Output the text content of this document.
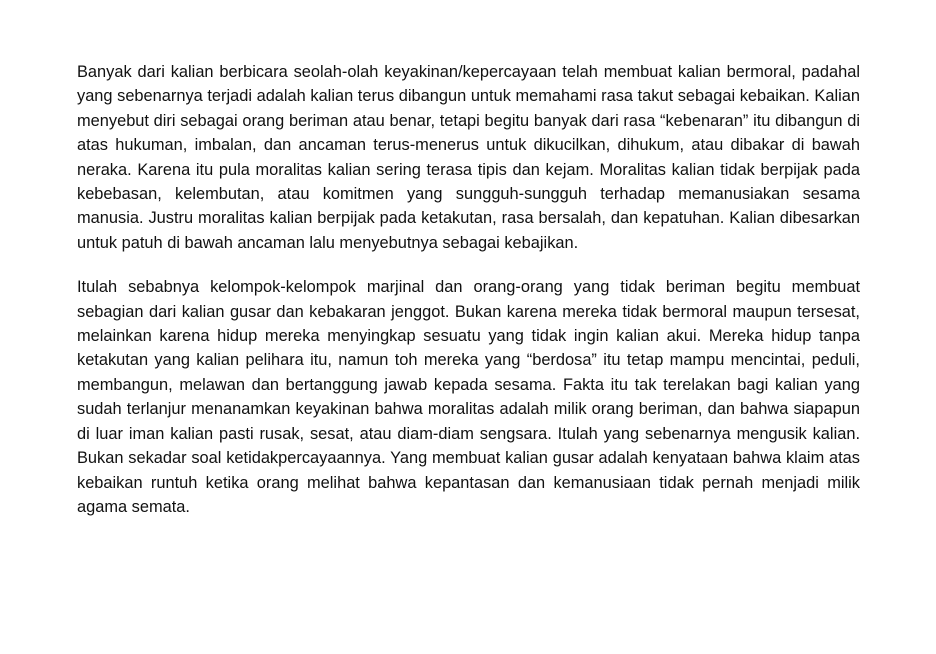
Banyak dari kalian berbicara seolah-olah keyakinan/kepercayaan telah membuat kalian bermoral, padahal yang sebenarnya terjadi adalah kalian terus dibangun untuk memahami rasa takut sebagai kebaikan. Kalian menyebut diri sebagai orang beriman atau benar, tetapi begitu banyak dari rasa “kebenaran” itu dibangun di atas hukuman, imbalan, dan ancaman terus-menerus untuk dikucilkan, dihukum, atau dibakar di bawah neraka. Karena itu pula moralitas kalian sering terasa tipis dan kejam. Moralitas kalian tidak berpijak pada kebebasan, kelembutan, atau komitmen yang sungguh-sungguh terhadap memanusiakan sesama manusia. Justru moralitas kalian berpijak pada ketakutan, rasa bersalah, dan kepatuhan. Kalian dibesarkan untuk patuh di bawah ancaman lalu menyebutnya sebagai kebajikan.

Itulah sebabnya kelompok-kelompok marjinal dan orang-orang yang tidak beriman begitu membuat sebagian dari kalian gusar dan kebakaran jenggot. Bukan karena mereka tidak bermoral maupun tersesat, melainkan karena hidup mereka menyingkap sesuatu yang tidak ingin kalian akui. Mereka hidup tanpa ketakutan yang kalian pelihara itu, namun toh mereka yang “berdosa” itu tetap mampu mencintai, peduli, membangun, melawan dan bertanggung jawab kepada sesama. Fakta itu tak terelakan bagi kalian yang sudah terlanjur menanamkan keyakinan bahwa moralitas adalah milik orang beriman, dan bahwa siapapun di luar iman kalian pasti rusak, sesat, atau diam-diam sengsara. Itulah yang sebenarnya mengusik kalian. Bukan sekadar soal ketidakpercayaannya. Yang membuat kalian gusar adalah kenyataan bahwa klaim atas kebaikan runtuh ketika orang melihat bahwa kepantasan dan kemanusiaan tidak pernah menjadi milik agama semata.
